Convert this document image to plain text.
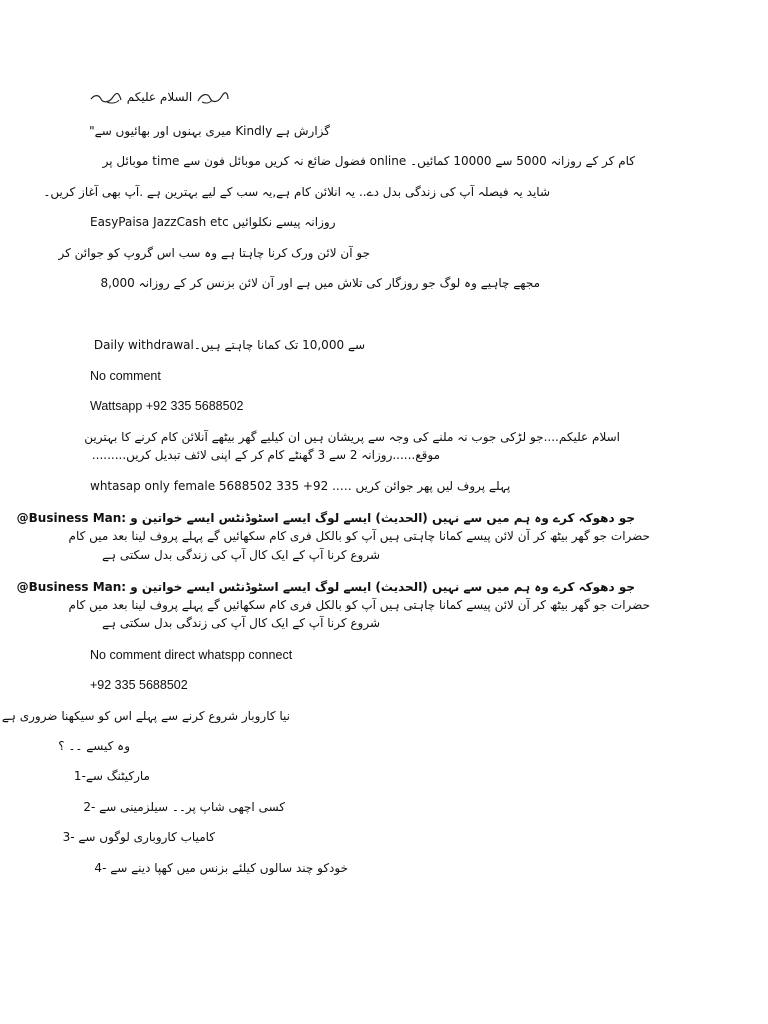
السلام علیکم
گزارش ہے Kindly میری بہنوں اور بھائیوں سے"
کام کر کے روزانہ 5000 سے 10000 کمائیں۔ online فضول ضائع نہ کریں موبائل فون سے time موبائل پر
شاید یہ فیصلہ آپ کی زندگی بدل دے.. یہ انلائن کام ہے,یہ سب کے لیے بہترین ہے .آپ بھی آغاز کریں۔
EasyPaisa JazzCash etc روزانہ پیسے نکلوائیں
جو آن لائن ورک کرنا چاہتا ہے وہ سب اس گروپ کو جوائن کر
مجھے چاہیے وہ لوگ جو روزگار کی تلاش میں ہے اور آن لائن بزنس کر کے روزانہ 8,000
سے 10,000 تک کمانا چاہتے ہیں۔Daily withdrawal
No comment
Wattsapp +92 335 5688502
اسلام علیکم....جو لڑکی جوب نہ ملنے کی وجہ سے پریشان ہیں ان کیلیے گھر بیٹھے آنلائن کام کرنے کا بہترین
موقع......روزانہ 2 سے 3 گھنٹے کام کر کے اپنی لائف تبدیل کریں.........
whtasap only female پہلے پروف لیں پھر جوائن کریں ….. 92+ 335 5688502
جو دھوکہ کرے وہ ہم میں سے نہیں (الحدیث) ایسے لوگ ایسے اسٹوڈنٹس ایسے خواتین و :Business Man@
حضرات جو گھر بیٹھ کر آن لائن پیسے کمانا چاہتی ہیں آپ کو بالکل فری کام سکھائیں گے پہلے پروف لینا بعد میں کام
شروع کرنا آپ کے ایک کال آپ کی زندگی بدل سکتی ہے
جو دھوکہ کرے وہ ہم میں سے نہیں (الحدیث) ایسے لوگ ایسے اسٹوڈنٹس ایسے خواتین و :Business Man@
حضرات جو گھر بیٹھ کر آن لائن پیسے کمانا چاہتی ہیں آپ کو بالکل فری کام سکھائیں گے پہلے پروف لینا بعد میں کام
شروع کرنا آپ کے ایک کال آپ کی زندگی بدل سکتی ہے
No comment direct whatspp connect
+92 335 5688502
نیا کاروبار شروع کرنے سے پہلے اس کو سیکھنا ضروری ہے
وہ کیسے ۔۔ ؟
مارکیٹنگ سے-1
کسی اچھی شاپ پر۔۔ سیلزمینی سے -2
کامیاب کاروباری لوگوں سے -3
خودکو چند سالوں کیلئے بزنس میں کھپا دینے سے -4
